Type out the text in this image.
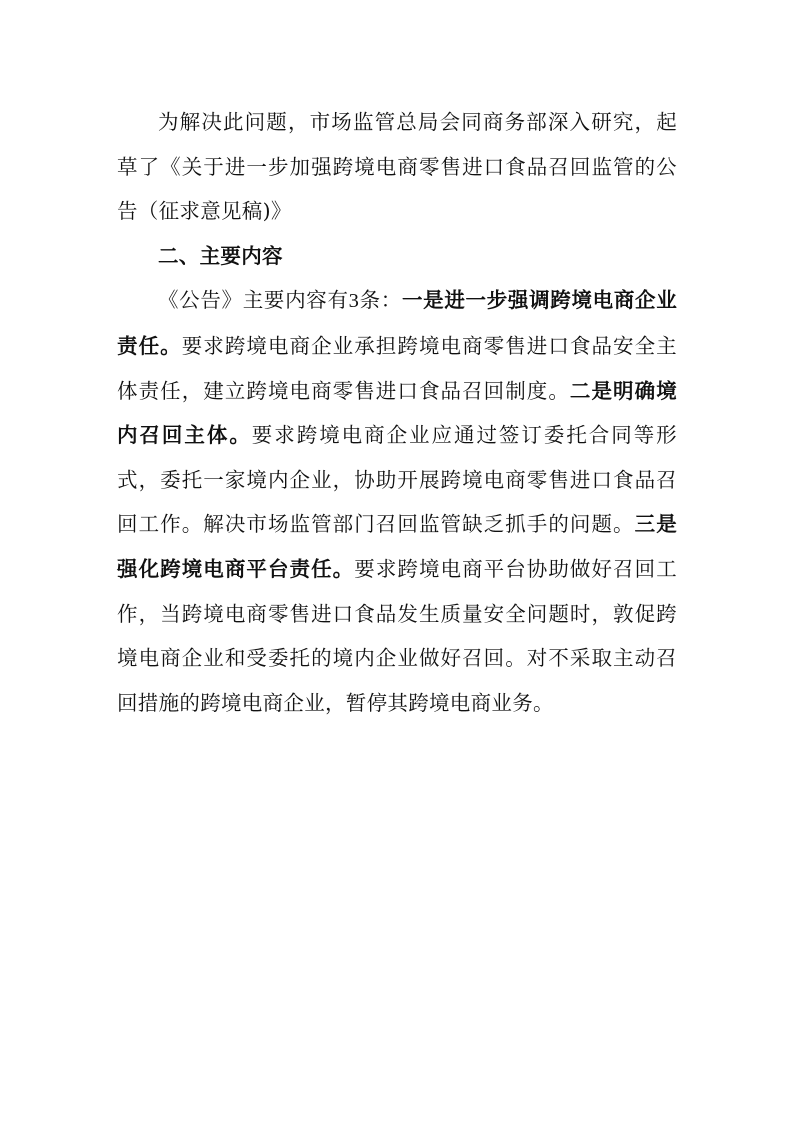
为解决此问题，市场监管总局会同商务部深入研究，起草了《关于进一步加强跨境电商零售进口食品召回监管的公告（征求意见稿)》

二、主要内容

《公告》主要内容有3条：一是进一步强调跨境电商企业责任。要求跨境电商企业承担跨境电商零售进口食品安全主体责任，建立跨境电商零售进口食品召回制度。二是明确境内召回主体。要求跨境电商企业应通过签订委托合同等形式，委托一家境内企业，协助开展跨境电商零售进口食品召回工作。解决市场监管部门召回监管缺乏抓手的问题。三是强化跨境电商平台责任。要求跨境电商平台协助做好召回工作，当跨境电商零售进口食品发生质量安全问题时，敦促跨境电商企业和受委托的境内企业做好召回。对不采取主动召回措施的跨境电商企业，暂停其跨境电商业务。
